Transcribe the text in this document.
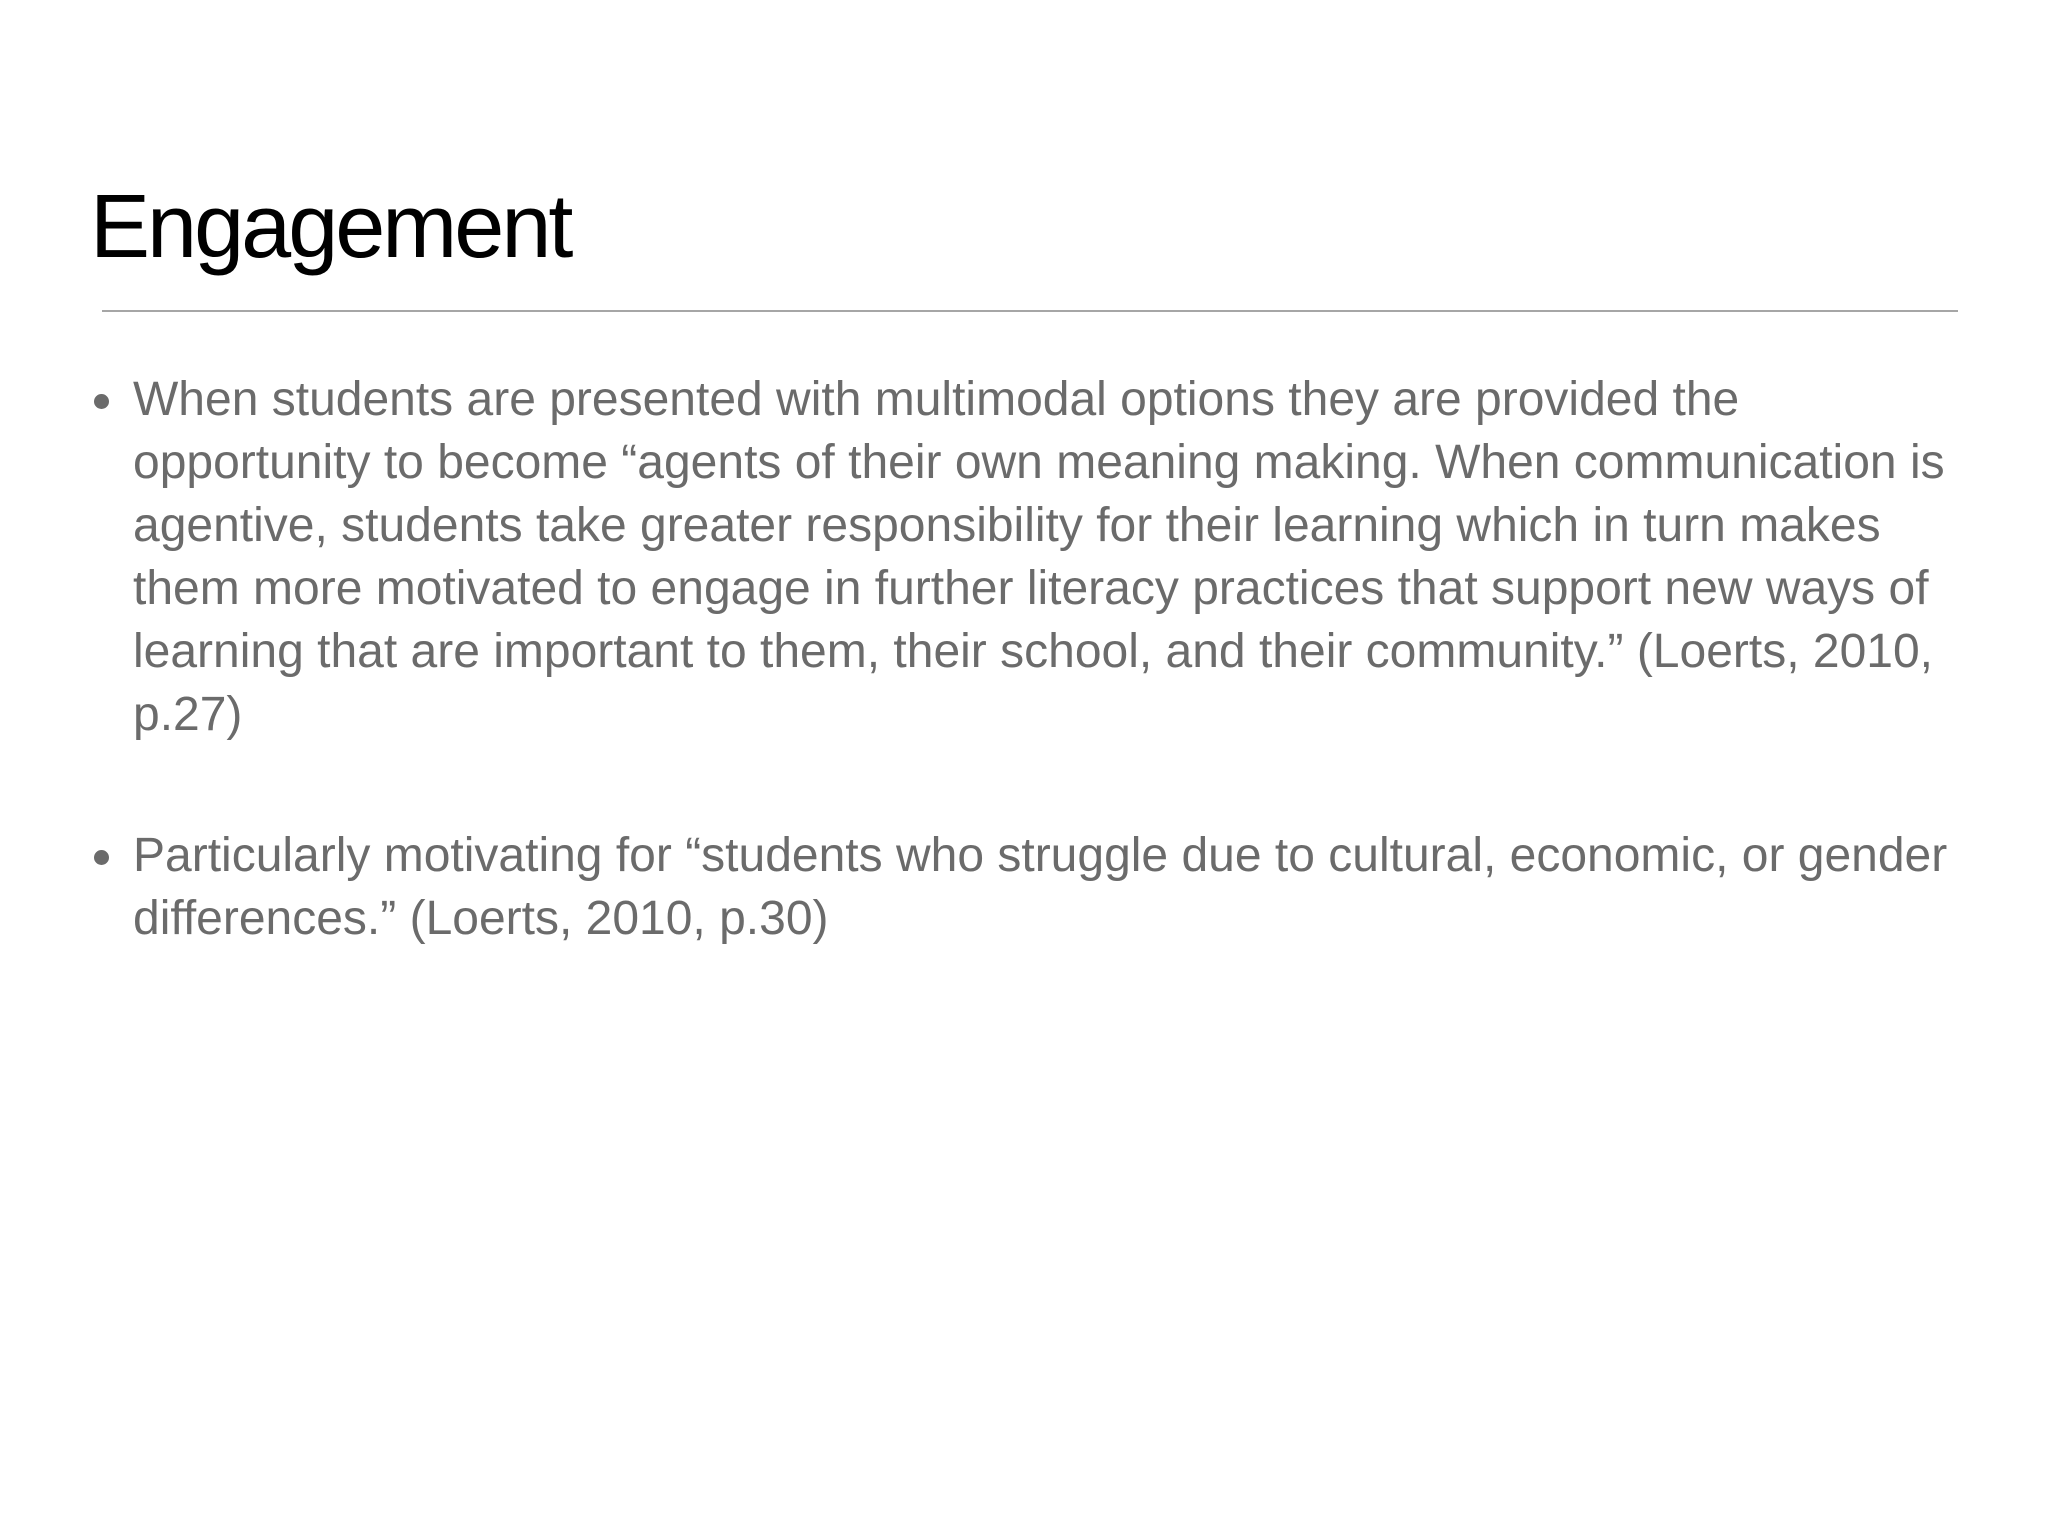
Engagement
When students are presented with multimodal options they are provided the opportunity to become “agents of their own meaning making. When communication is agentive, students take greater responsibility for their learning which in turn makes them more motivated to engage in further literacy practices that support new ways of learning that are important to them, their school, and their community.” (Loerts, 2010, p.27)
Particularly motivating for “students who struggle due to cultural, economic, or gender differences.” (Loerts, 2010, p.30)
